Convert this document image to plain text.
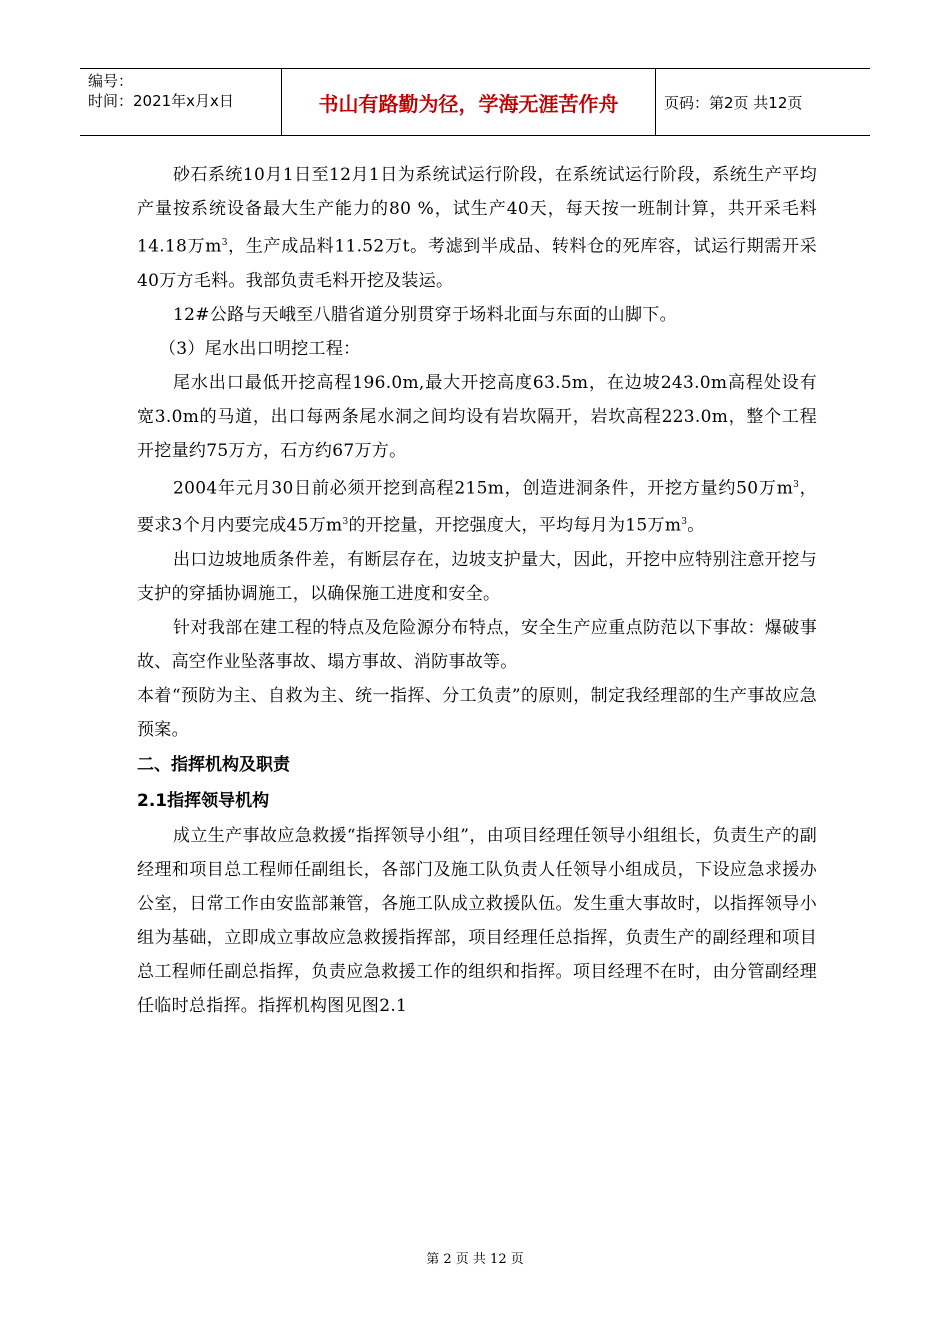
编号：
时间：2021年x月x日	书山有路勤为径，学海无涯苦作舟	页码：第2页 共12页

砂石系统10月1日至12月1日为系统试运行阶段，在系统试运行阶段，系统生产平均产量按系统设备最大生产能力的80 %，试生产40天，每天按一班制计算，共开采毛料14.18万$m^3$，生产成品料11.52万t。考滤到半成品、转料仓的死库容，试运行期需开采40万方毛料。我部负责毛料开挖及装运。

12#公路与天峨至八腊省道分别贯穿于场料北面与东面的山脚下。

（3）尾水出口明挖工程：

尾水出口最低开挖高程196.0m,最大开挖高度63.5m，在边坡243.0m高程处设有宽3.0m的马道，出口每两条尾水洞之间均设有岩坎隔开，岩坎高程223.0m，整个工程开挖量约75万方，石方约67万方。

2004年元月30日前必须开挖到高程215m，创造进洞条件，开挖方量约50万$m^3$，要求3个月内要完成45万$m^3$的开挖量，开挖强度大，平均每月为15万$m^3$。

出口边坡地质条件差，有断层存在，边坡支护量大，因此，开挖中应特别注意开挖与支护的穿插协调施工，以确保施工进度和安全。

针对我部在建工程的特点及危险源分布特点，安全生产应重点防范以下事故：爆破事故、高空作业坠落事故、塌方事故、消防事故等。

本着“预防为主、自救为主、统一指挥、分工负责”的原则，制定我经理部的生产事故应急预案。

二、指挥机构及职责

2.1指挥领导机构

成立生产事故应急救援“指挥领导小组”，由项目经理任领导小组组长，负责生产的副经理和项目总工程师任副组长，各部门及施工队负责人任领导小组成员，下设应急求援办公室，日常工作由安监部兼管，各施工队成立救援队伍。发生重大事故时，以指挥领导小组为基础，立即成立事故应急救援指挥部，项目经理任总指挥，负责生产的副经理和项目总工程师任副总指挥，负责应急救援工作的组织和指挥。项目经理不在时，由分管副经理任临时总指挥。指挥机构图见图2.1

第 2 页 共 12 页
